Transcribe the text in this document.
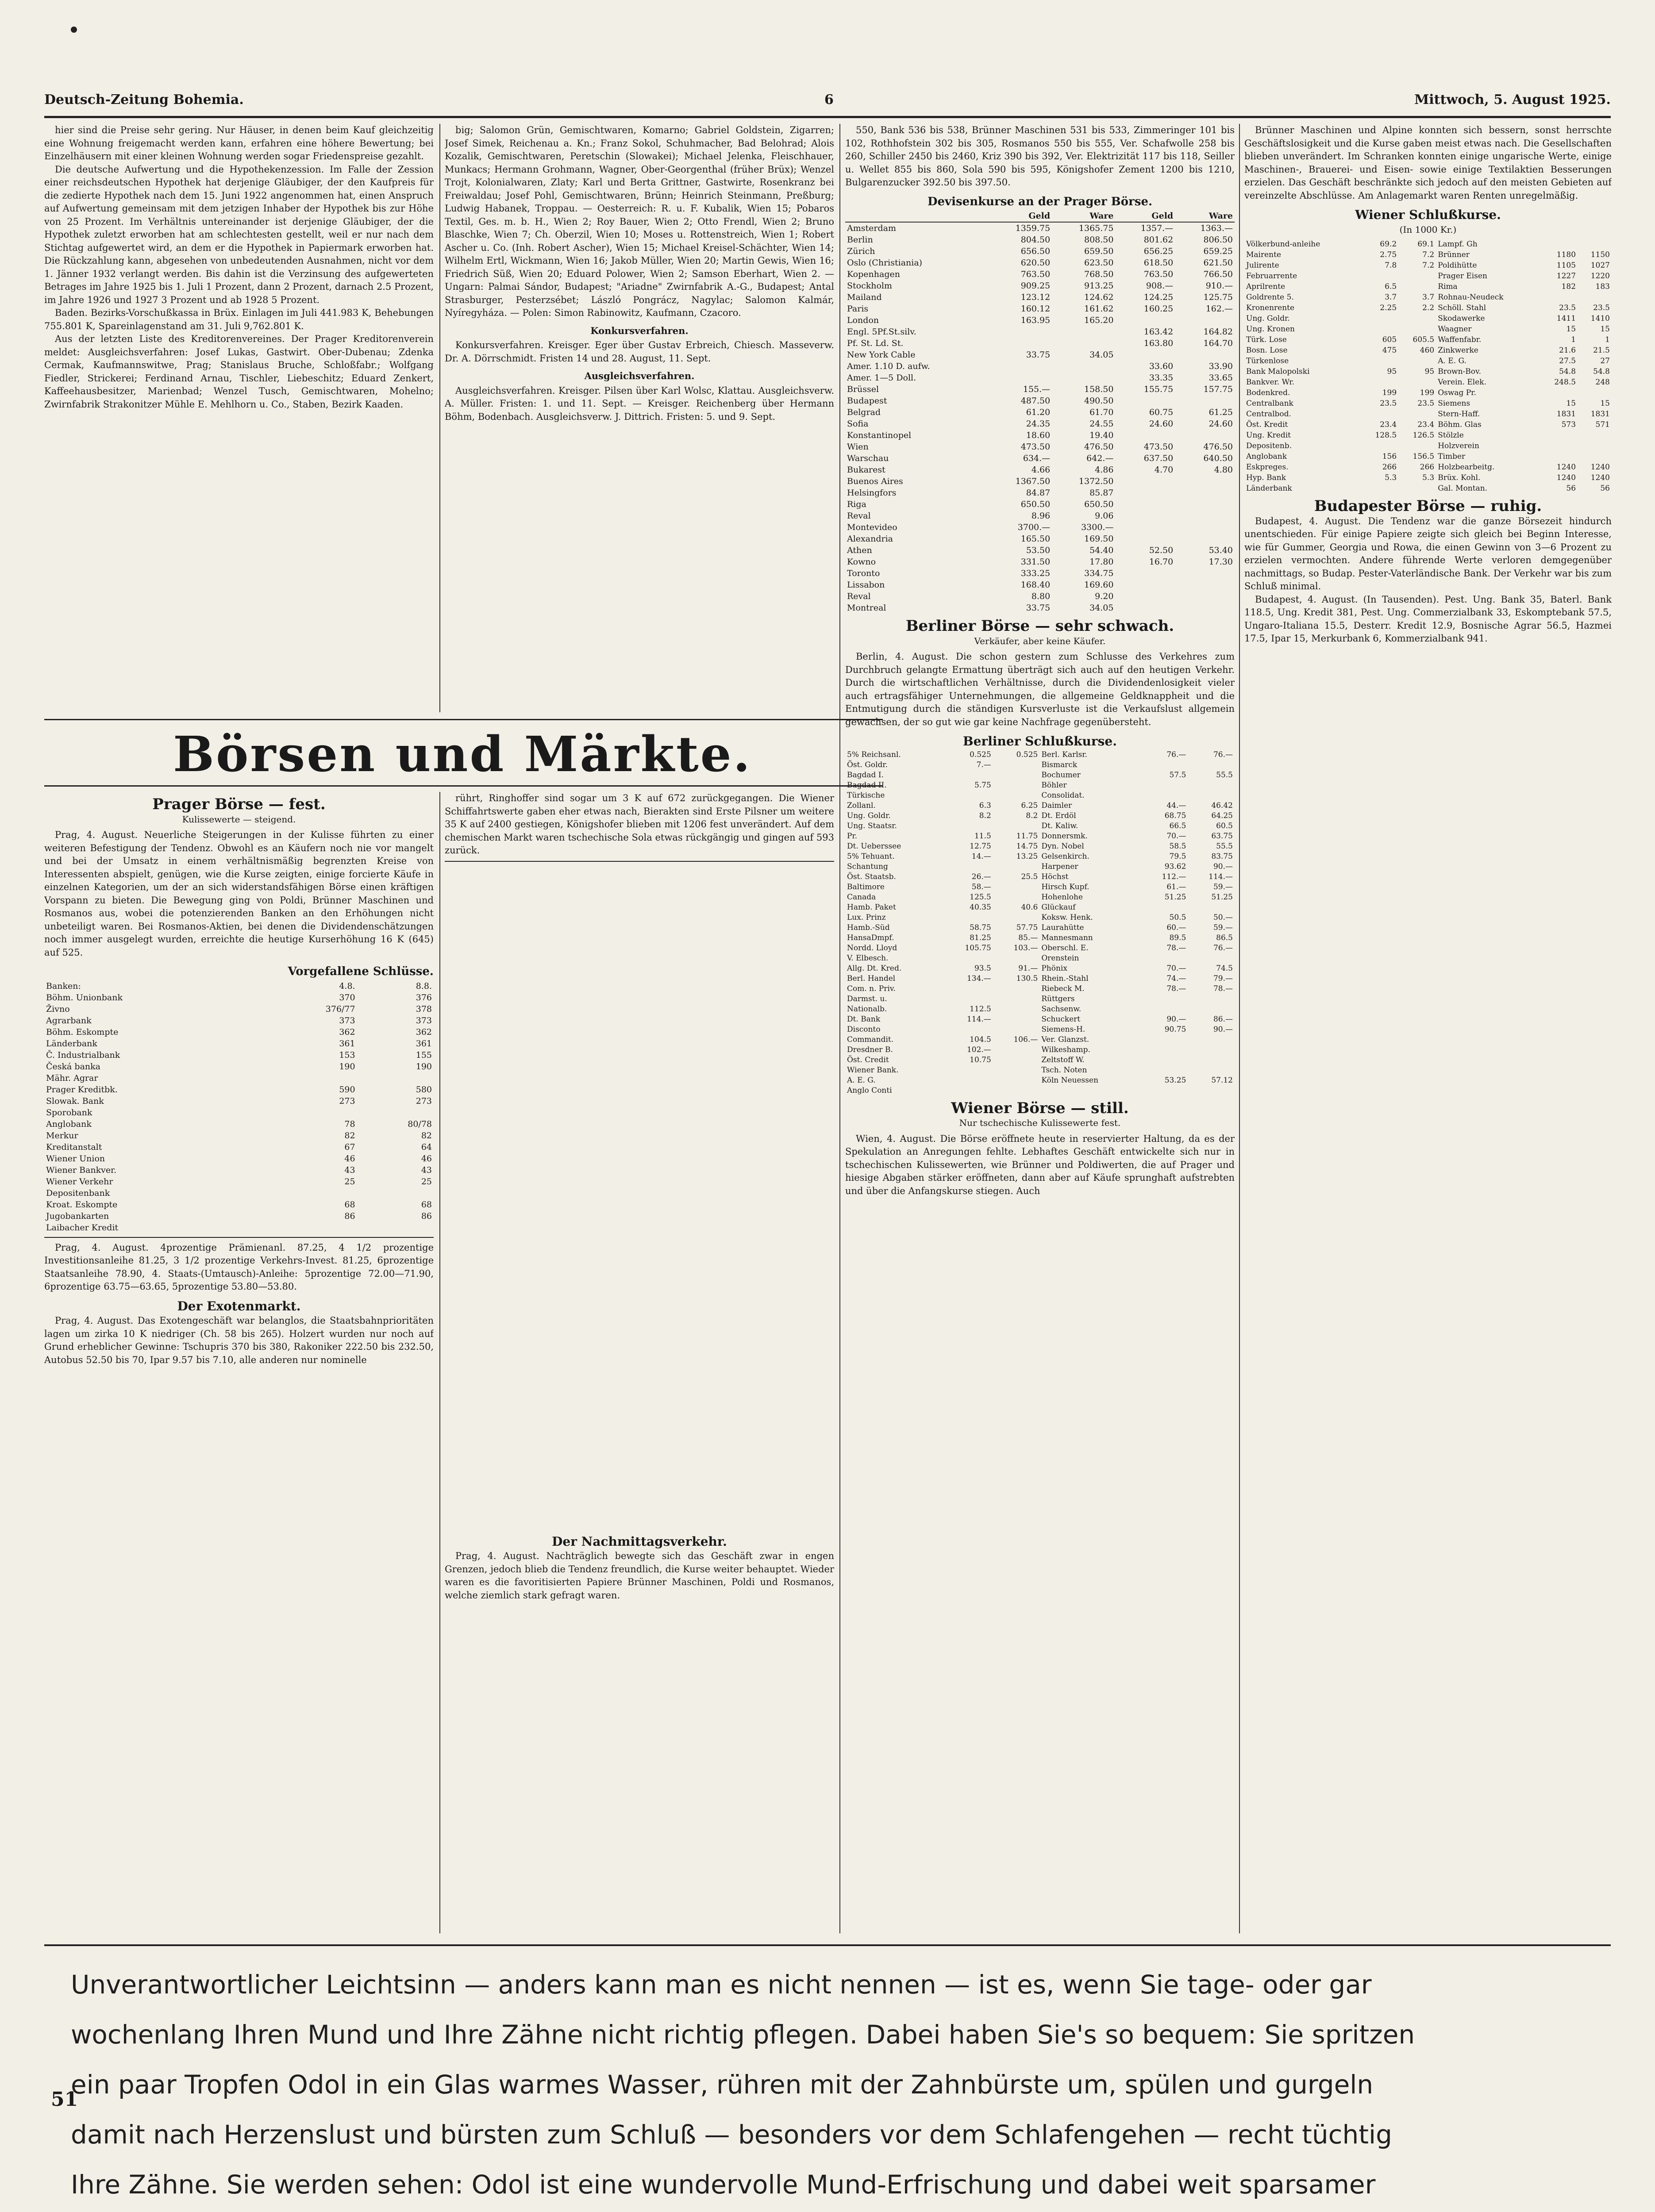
Deutsch-Zeitung Bohemia.	6	Mittwoch, 5. August 1925.

hier sind die Preise sehr gering. Nur Häuser, in denen beim Kauf gleichzeitig eine Wohnung freigemacht werden kann, erfahren eine höhere Bewertung; bei Einzelhäusern mit einer kleinen Wohnung werden sogar Friedenspreise gezahlt.

Die deutsche Aufwertung und die Hypothekenzession. Im Falle der Zession einer reichsdeutschen Hypothek hat derjenige Gläubiger, der den Kaufpreis für die zedierte Hypothek nach dem 15. Juni 1922 angenommen hat, einen Anspruch auf Aufwertung gemeinsam mit dem jetzigen Inhaber der Hypothek bis zur Höhe von 25 Prozent. Im Verhältnis untereinander ist derjenige Gläubiger, der die Hypothek zuletzt erworben hat am schlechtesten gestellt, weil er nur nach dem Stichtag aufgewertet wird, an dem er die Hypothek in Papiermark erworben hat. Die Rückzahlung kann, abgesehen von unbedeutenden Ausnahmen, nicht vor dem 1. Jänner 1932 verlangt werden. Bis dahin ist die Verzinsung des aufgewerteten Betrages im Jahre 1925 bis 1. Juli 1 Prozent, dann 2 Prozent, darnach 2.5 Prozent, im Jahre 1926 und 1927 3 Prozent und ab 1928 5 Prozent.

Baden. Bezirks-Vorschußkassa in Brüx. Einlagen im Juli 441.983 K, Behebungen 755.801 K, Spareinlagenstand am 31. Juli 9,762.801 K.

Aus der letzten Liste des Kreditorenvereines. Der Prager Kreditorenverein meldet: Ausgleichsverfahren: Josef Lukas, Gastwirt. Ober-Dubenau; Zdenka Cermak, Kaufmannswitwe, Prag; Stanislaus Bruche, Schloßfabr.; Wolfgang Fiedler, Strickerei; Ferdinand Arnau, Tischler, Liebeschitz; Eduard Zenkert, Kaffeehausbesitzer, Marienbad; Wenzel Tusch, Gemischtwaren, Mohelno; Zwirnfabrik Strakonitzer Mühle E. Mehlhorn u. Co., Staben, Bezirk Kaaden.

big; Salomon Grün, Gemischtwaren, Komarno; Gabriel Goldstein, Zigarren; Josef Simek, Reichenau a. Kn.; Franz Sokol, Schuhmacher, Bad Belohrad; Alois Kozalik, Gemischtwaren, Peretschin (Slowakei); Michael Jelenka, Fleischhauer, Munkacs; Hermann Grohmann, Wagner, Ober-Georgenthal (früher Brüx); Wenzel Trojt, Kolonialwaren, Zlaty; Karl und Berta Grittner, Gastwirte, Rosenkranz bei Freiwaldau; Josef Pohl, Gemischtwaren, Brünn; Heinrich Steinmann, Preßburg; Ludwig Habanek, Troppau. — Oesterreich: R. u. F. Kubalik, Wien 15; Pobaros Textil, Ges. m. b. H., Wien 2; Roy Bauer, Wien 2; Otto Frendl, Wien 2; Bruno Blaschke, Wien 7; Ch. Oberzil, Wien 10; Moses u. Rottenstreich, Wien 1; Robert Ascher u. Co. (Inh. Robert Ascher), Wien 15; Michael Kreisel-Schächter, Wien 14; Wilhelm Ertl, Wickmann, Wien 16; Jakob Müller, Wien 20; Martin Gewis, Wien 16; Friedrich Süß, Wien 20; Eduard Polower, Wien 2; Samson Eberhart, Wien 2. — Ungarn: Palmai Sándor, Budapest; "Ariadne" Zwirnfabrik A.-G., Budapest; Antal Strasburger, Pesterzsébet; László Pongrácz, Nagylac; Salomon Kalmár, Nyíregyháza. — Polen: Simon Rabinowitz, Kaufmann, Czacoro.

Konkursverfahren.

Konkursverfahren. Kreisger. Eger über Gustav Erbreich, Chiesch. Masseverw. Dr. A. Dörrschmidt. Fristen 14 und 28. August, 11. Sept.

Ausgleichsverfahren.

Ausgleichsverfahren. Kreisger. Pilsen über Karl Wolsc, Klattau. Ausgleichsverw. A. Müller. Fristen: 1. und 11. Sept. — Kreisger. Reichenberg über Hermann Böhm, Bodenbach. Ausgleichsverw. J. Dittrich. Fristen: 5. und 9. Sept.

Börsen und Märkte.
Prager Börse — fest.
Kulissewerte — steigend.

Prag, 4. August. Neuerliche Steigerungen in der Kulisse führten zu einer weiteren Befestigung der Tendenz. Obwohl es an Käufern noch nie vor mangelt und bei der Umsatz in einem verhältnismäßig begrenzten Kreise von Interessenten abspielt, genügen, wie die Kurse zeigten, einige forcierte Käufe in einzelnen Kategorien, um der an sich widerstandsfähigen Börse einen kräftigen Vorspann zu bieten. Die Bewegung ging von Poldi, Brünner Maschinen und Rosmanos aus, wobei die potenzierenden Banken an den Erhöhungen nicht unbeteiligt waren. Bei Rosmanos-Aktien, bei denen die Dividendenschätzungen noch immer ausgelegt wurden, erreichte die heutige Kurserhöhung 16 K (645) auf 525.

Vorgefallene Schlüsse.
Banken:	4.8.	8.8.
Böhm. Unionbank	370	376
Živno	376/77	378
Agrarbank	373	373
Böhm. Eskompte	362	362
Länderbank	361	361
Č. Industrialbank	153	155
Česká banka	190	190
Mähr. Agrar		
Prager Kreditbk.	590	580
Slowak. Bank	273	273
Sporobank		
Anglobank	78	80/78
Merkur	82	82
Kreditanstalt	67	64
Wiener Union	46	46
Wiener Bankver.	43	43
Wiener Verkehr	25	25
Depositenbank		
Kroat. Eskompte	68	68
Jugobankarten	86	86
Laibacher Kredit		

Prag, 4. August. 4prozentige Prämienanl. 87.25, 4 1/2 prozentige Investitionsanleihe 81.25, 3 1/2 prozentige Verkehrs-Invest. 81.25, 6prozentige Staatsanleihe 78.90, 4. Staats-(Umtausch)-Anleihe: 5prozentige 72.00—71.90, 6prozentige 63.75—63.65, 5prozentige 53.80—53.80.

Der Exotenmarkt.

Prag, 4. August. Das Exotengeschäft war belanglos, die Staatsbahnprioritäten lagen um zirka 10 K niedriger (Ch. 58 bis 265). Holzert wurden nur noch auf Grund erheblicher Gewinne: Tschupris 370 bis 380, Rakoniker 222.50 bis 232.50, Autobus 52.50 bis 70, Ipar 9.57 bis 7.10, alle anderen nur nominelle

rührt, Ringhoffer sind sogar um 3 K auf 672 zurückgegangen. Die Wiener Schiffahrtswerte gaben eher etwas nach, Bierakten sind Erste Pilsner um weitere 35 K auf 2400 gestiegen, Königshofer blieben mit 1206 fest unverändert. Auf dem chemischen Markt waren tschechische Sola etwas rückgängig und gingen auf 593 zurück.

Der Nachmittagsverkehr.

Prag, 4. August. Nachträglich bewegte sich das Geschäft zwar in engen Grenzen, jedoch blieb die Tendenz freundlich, die Kurse weiter behauptet. Wieder waren es die favoritisierten Papiere Brünner Maschinen, Poldi und Rosmanos, welche ziemlich stark gefragt waren.

550, Bank 536 bis 538, Brünner Maschinen 531 bis 533, Zimmeringer 101 bis 102, Rothhofstein 302 bis 305, Rosmanos 550 bis 555, Ver. Schafwolle 258 bis 260, Schiller 2450 bis 2460, Kriz 390 bis 392, Ver. Elektrizität 117 bis 118, Seiller u. Wellet 855 bis 860, Sola 590 bis 595, Königshofer Zement 1200 bis 1210, Bulgarenzucker 392.50 bis 397.50.

Devisenkurse an der Prager Börse.
	Geld	Ware	Geld	Ware
Amsterdam	1359.75	1365.75	1357.—	1363.—
Berlin	804.50	808.50	801.62	806.50
Zürich	656.50	659.50	656.25	659.25
Oslo (Christiania)	620.50	623.50	618.50	621.50
Kopenhagen	763.50	768.50	763.50	766.50
Stockholm	909.25	913.25	908.—	910.—
Mailand	123.12	124.62	124.25	125.75
Paris	160.12	161.62	160.25	162.—
London	163.95	165.20		
Engl. 5Pf.St.silv.			163.42	164.82
Pf. St. Ld. St.			163.80	164.70
New York Cable	33.75	34.05		
Amer. 1.10 D. aufw.			33.60	33.90
Amer. 1—5 Doll.			33.35	33.65
Brüssel	155.—	158.50	155.75	157.75
Budapest	487.50	490.50		
Belgrad	61.20	61.70	60.75	61.25
Sofia	24.35	24.55	24.60	24.60
Konstantinopel	18.60	19.40		
Wien	473.50	476.50	473.50	476.50
Warschau	634.—	642.—	637.50	640.50
Bukarest	4.66	4.86	4.70	4.80
Buenos Aires	1367.50	1372.50		
Helsingfors	84.87	85.87		
Riga	650.50	650.50		
Reval	8.96	9.06		
Montevideo	3700.—	3300.—		
Alexandria	165.50	169.50		
Athen	53.50	54.40	52.50	53.40
Kowno	331.50	17.80	16.70	17.30
Toronto	333.25	334.75		
Lissabon	168.40	169.60		
Reval	8.80	9.20		
Montreal	33.75	34.05		
Berliner Börse — sehr schwach.
Verkäufer, aber keine Käufer.

Berlin, 4. August. Die schon gestern zum Schlusse des Verkehres zum Durchbruch gelangte Ermattung überträgt sich auch auf den heutigen Verkehr. Durch die wirtschaftlichen Verhältnisse, durch die Dividendenlosigkeit vieler auch ertragsfähiger Unternehmungen, die allgemeine Geldknappheit und die Entmutigung durch die ständigen Kursverluste ist die Verkaufslust allgemein gewachsen, der so gut wie gar keine Nachfrage gegenübersteht.

Berliner Schlußkurse.
5% Reichsanl.	0.525	0.525	Berl. Karlsr.	76.—	76.—
Öst. Goldr.	7.—		Bismarck		
Bagdad I.			Bochumer	57.5	55.5
Bagdad II.	5.75		Böhler		
Türkische			Consolidat.		
Zollanl.	6.3	6.25	Daimler	44.—	46.42
Ung. Goldr.	8.2	8.2	Dt. Erdöl	68.75	64.25
Ung. Staatsr.			Dt. Kaliw.	66.5	60.5
Pr.	11.5	11.75	Donnersmk.	70.—	63.75
Dt. Ueberssee	12.75	14.75	Dyn. Nobel	58.5	55.5
5% Tehuant.	14.—	13.25	Gelsenkirch.	79.5	83.75
Schantung			Harpener	93.62	90.—
Öst. Staatsb.	26.—	25.5	Höchst	112.—	114.—
Baltimore	58.—		Hirsch Kupf.	61.—	59.—
Canada	125.5		Hohenlohe	51.25	51.25
Hamb. Paket	40.35	40.6	Glückauf		
Lux. Prinz			Koksw. Henk.	50.5	50.—
Hamb.-Süd	58.75	57.75	Laurahütte	60.—	59.—
HansaDmpf.	81.25	85.—	Mannesmann	89.5	86.5
Nordd. Lloyd	105.75	103.—	Oberschl. E.	78.—	76.—
V. Elbesch.			Orenstein		
Allg. Dt. Kred.	93.5	91.—	Phönix	70.—	74.5
Berl. Handel	134.—	130.5	Rhein.-Stahl	74.—	79.—
Com. n. Priv.			Riebeck M.	78.—	78.—
Darmst. u.			Rüttgers		
Nationalb.	112.5		Sachsenw.		
Dt. Bank	114.—		Schuckert	90.—	86.—
Disconto			Siemens-H.	90.75	90.—
Commandit.	104.5	106.—	Ver. Glanzst.		
Dresdner B.	102.—		Wilkeshamp.		
Öst. Credit	10.75		Zeltstoff W.		
Wiener Bank.			Tsch. Noten		
A. E. G.			Köln Neuessen	53.25	57.12
Anglo Conti					
Wiener Börse — still.
Nur tschechische Kulissewerte fest.

Wien, 4. August. Die Börse eröffnete heute in reservierter Haltung, da es der Spekulation an Anregungen fehlte. Lebhaftes Geschäft entwickelte sich nur in tschechischen Kulissewerten, wie Brünner und Poldiwerten, die auf Prager und hiesige Abgaben stärker eröffneten, dann aber auf Käufe sprunghaft aufstrebten und über die Anfangskurse stiegen. Auch

Brünner Maschinen und Alpine konnten sich bessern, sonst herrschte Geschäftslosigkeit und die Kurse gaben meist etwas nach. Die Gesellschaften blieben unverändert. Im Schranken konnten einige ungarische Werte, einige Maschinen-, Brauerei- und Eisen- sowie einige Textilaktien Besserungen erzielen. Das Geschäft beschränkte sich jedoch auf den meisten Gebieten auf vereinzelte Abschlüsse. Am Anlagemarkt waren Renten unregelmäßig.

Wiener Schlußkurse.
(In 1000 Kr.)
Völkerbund-anleihe	69.2	69.1	Lampf. Gh		
Mairente	2.75	7.2	Brünner	1180	1150
Julirente	7.8	7.2	Poldihütte	1105	1027
Februarrente			Prager Eisen	1227	1220
Aprilrente	6.5		Rima	182	183
Goldrente 5.	3.7	3.7	Rohnau-Neudeck		
Kronenrente	2.25	2.2	Schöll. Stahl	23.5	23.5
Ung. Goldr.			Skodawerke	1411	1410
Ung. Kronen			Waagner	15	15
Türk. Lose	605	605.5	Waffenfabr.	1	1
Bosn. Lose	475	460	Zinkwerke	21.6	21.5
Türkenlose			A. E. G.	27.5	27
Bank Malopolski	95	95	Brown-Bov.	54.8	54.8
Bankver. Wr.			Verein. Elek.	248.5	248
Bodenkred.	199	199	Oswag Pr.		
Centralbank	23.5	23.5	Siemens	15	15
Centralbod.			Stern-Haff.	1831	1831
Öst. Kredit	23.4	23.4	Böhm. Glas	573	571
Ung. Kredit	128.5	126.5	Stölzle		
Depositenb.			Holzverein		
Anglobank	156	156.5	Timber		
Eskpreges.	266	266	Holzbearbeitg.	1240	1240
Hyp. Bank	5.3	5.3	Brüx. Kohl.	1240	1240
Länderbank			Gal. Montan.	56	56
Budapester Börse — ruhig.

Budapest, 4. August. Die Tendenz war die ganze Börsezeit hindurch unentschieden. Für einige Papiere zeigte sich gleich bei Beginn Interesse, wie für Gummer, Georgia und Rowa, die einen Gewinn von 3—6 Prozent zu erzielen vermochten. Andere führende Werte verloren demgegenüber nachmittags, so Budap. Pester-Vaterländische Bank. Der Verkehr war bis zum Schluß minimal.

Budapest, 4. August. (In Tausenden). Pest. Ung. Bank 35, Baterl. Bank 118.5, Ung. Kredit 381, Pest. Ung. Commerzialbank 33, Eskomptebank 57.5, Ungaro-Italiana 15.5, Desterr. Kredit 12.9, Bosnische Agrar 56.5, Hazmei 17.5, Ipar 15, Merkurbank 6, Kommerzialbank 941.

51
Unverantwortlicher Leichtsinn — anders kann man es nicht nennen — ist es, wenn Sie tage- oder gar
wochenlang Ihren Mund und Ihre Zähne nicht richtig pflegen. Dabei haben Sie's so bequem: Sie spritzen
ein paar Tropfen Odol in ein Glas warmes Wasser, rühren mit der Zahnbürste um, spülen und gurgeln
damit nach Herzenslust und bürsten zum Schluß — besonders vor dem Schlafengehen — recht tüchtig
Ihre Zähne. Sie werden sehen: Odol ist eine wundervolle Mund-Erfrischung und dabei weit sparsamer
